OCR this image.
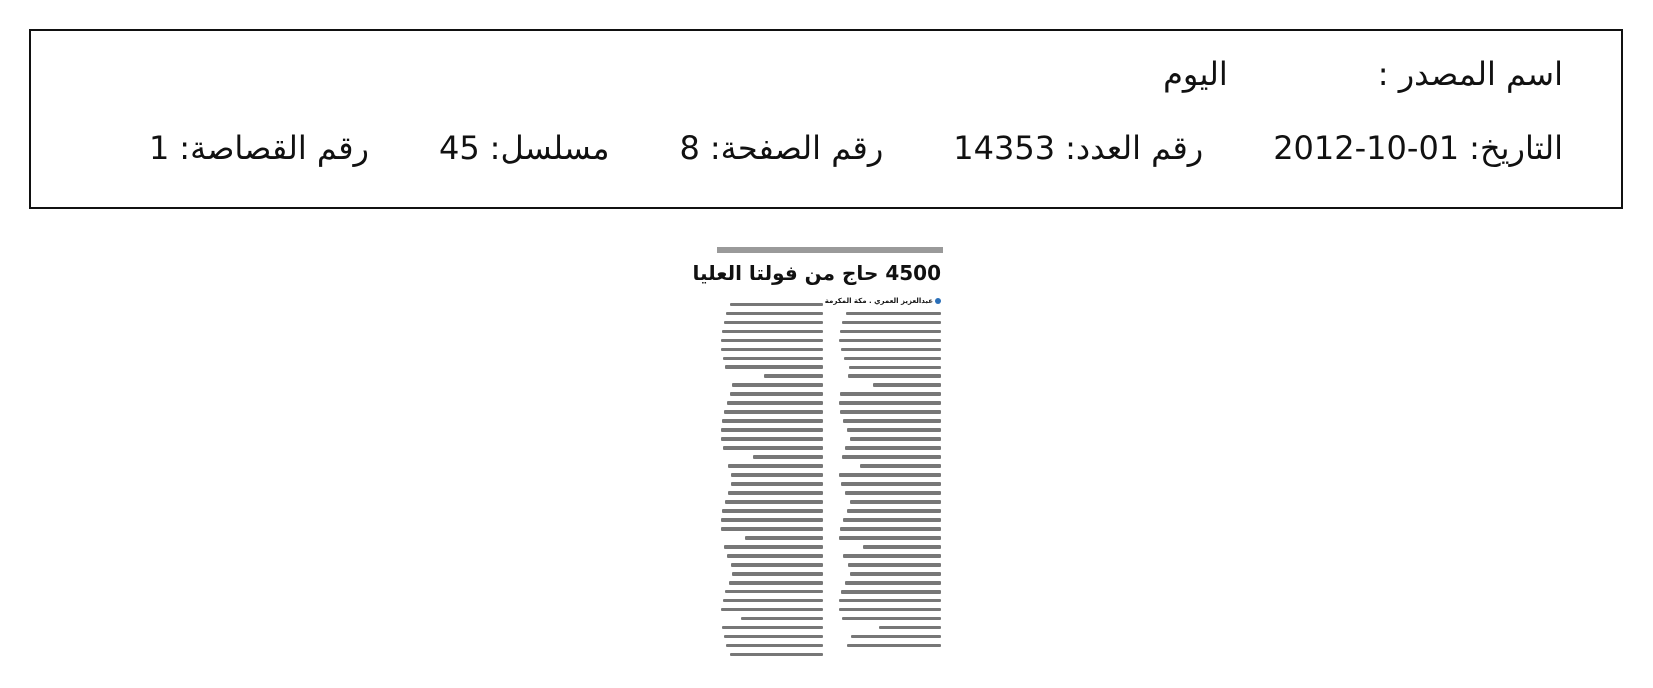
اسم المصدر :
اليوم
التاريخ:
2012-10-01
رقم العدد:
14353
رقم الصفحة:
8
مسلسل:
45
رقم القصاصة:
1
4500 حاج من فولتا العليا
عبدالعزيز العمري . مكة المكرمة
